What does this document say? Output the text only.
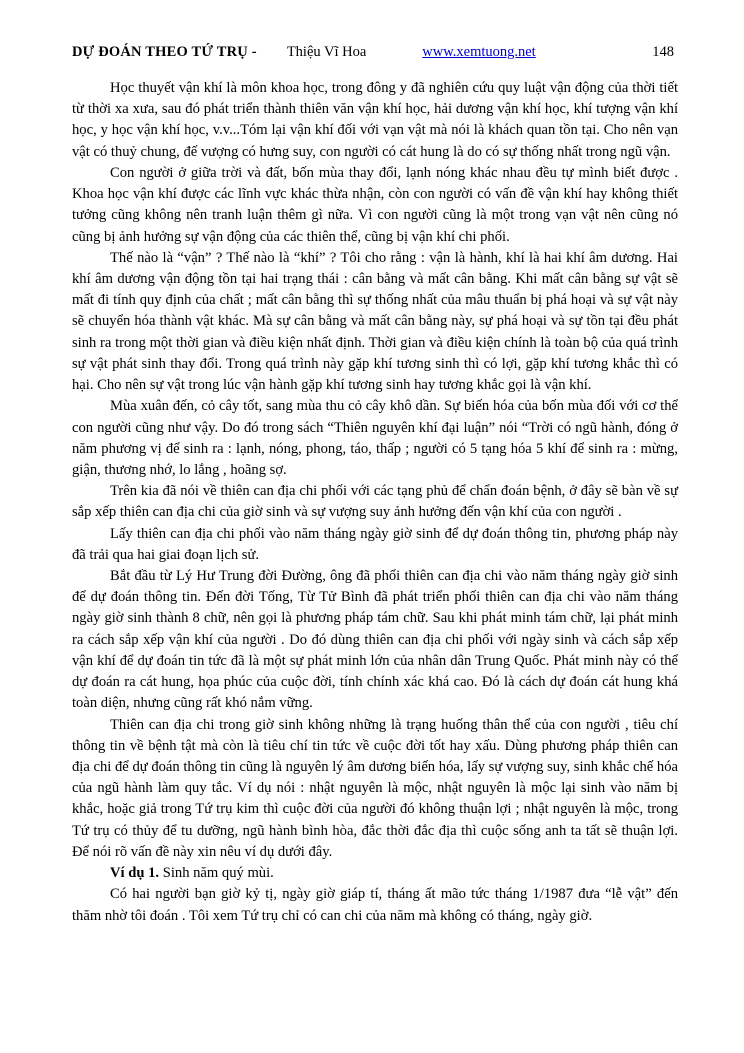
DỰ ĐOÁN THEO TỨ TRỤ - Thiệu Vĩ Hoa	www.xemtuong.net	148

Học thuyết vận khí là môn khoa học, trong đông y đã nghiên cứu quy luật vận động của thời tiết từ thời xa xưa, sau đó phát triển thành thiên văn vận khí học, hải dương vận khí học, khí tượng vận khí học, y học vận khí học, v.v...Tóm lại vận khí đối với vạn vật mà nói là khách quan tồn tại. Cho nên vạn vật có thuỷ chung, đế vượng có hưng suy, con người có cát hung là do có sự thống nhất trong ngũ vận.

Con người ở giữa trời và đất, bốn mùa thay đổi, lạnh nóng khác nhau đều tự mình biết được . Khoa học vận khí được các lĩnh vực khác thừa nhận, còn con người có vấn đề vận khí hay không thiết tưởng cũng không nên tranh luận thêm gì nữa. Vì con người cũng là một trong vạn vật nên cũng nó cũng bị ảnh hưởng sự vận động của các thiên thể, cũng bị vận khí chi phối.

Thế nào là “vận” ? Thế nào là “khí” ? Tôi cho rằng : vận là hành, khí là hai khí âm dương. Hai khí âm dương vận động tồn tại hai trạng thái : cân bằng và mất cân bằng. Khi mất cân bằng sự vật sẽ mất đi tính quy định của chất ; mất cân bằng thì sự thống nhất của mâu thuẩn bị phá hoại và sự vật này sẽ chuyển hóa thành vật khác. Mà sự cân bằng và mất cân bằng này, sự phá hoại và sự tồn tại đều phát sinh ra trong một thời gian và điều kiện nhất định. Thời gian và điều kiện chính là toàn bộ của quá trình sự vật phát sinh thay đổi. Trong quá trình này gặp khí tương sinh thì có lợi, gặp khí tương khắc thì có hại. Cho nên sự vật trong lúc vận hành gặp khí tương sinh hay tương khắc gọi là vận khí.

Mùa xuân đến, cỏ cây tốt, sang mùa thu cỏ cây khô dần. Sự biến hóa của bốn mùa đối với cơ thể con người cũng như vậy. Do đó trong sách “Thiên nguyên khí đại luận” nói “Trời có ngũ hành, đóng ở năm phương vị để sinh ra : lạnh, nóng, phong, táo, thấp ; người có 5 tạng hóa 5 khí để sinh ra : mừng, giận, thương nhớ, lo lắng , hoãng sợ.

Trên kia đã nói về thiên can địa chi phối với các tạng phủ để chẩn đoán bệnh, ở đây sẽ bàn về sự sắp xếp thiên can địa chi của giờ sinh và sự vượng suy ảnh hưởng đến vận khí của con người .

Lấy thiên can địa chi phối vào năm tháng ngày giờ sinh để dự đoán thông tin, phương pháp này đã trải qua hai giai đoạn lịch sử.

Bắt đầu từ Lý Hư Trung đời Đường, ông đã phối thiên can địa chi vào năm tháng ngày giờ sinh để dự đoán thông tin. Đến đời Tống, Từ Tử Bình đã phát triển phối thiên can địa chi vào năm tháng ngày giờ sinh thành 8 chữ, nên gọi là phương pháp tám chữ. Sau khi phát minh tám chữ, lại phát minh ra cách sắp xếp vận khí của người . Do đó dùng thiên can địa chi phối với ngày sinh và cách sắp xếp vận khí để dự đoán tin tức đã là một sự phát minh lớn của nhân dân Trung Quốc. Phát minh này có thể dự đoán ra cát hung, họa phúc của cuộc đời, tính chính xác khá cao. Đó là cách dự đoán cát hung khá toàn diện, nhưng cũng rất khó nắm vững.

Thiên can địa chi trong giờ sinh không những là trạng huống thân thể của con người , tiêu chí thông tin về bệnh tật mà còn là tiêu chí tin tức về cuộc đời tốt hay xấu. Dùng phương pháp thiên can địa chi để dự đoán thông tin cũng là nguyên lý âm dương biến hóa, lấy sự vượng suy, sinh khắc chế hóa của ngũ hành làm quy tắc. Ví dụ nói : nhật nguyên là mộc, nhật nguyên là mộc lại sinh vào năm bị khắc, hoặc giả trong Tứ trụ kim thì cuộc đời của người đó không thuận lợi ; nhật nguyên là mộc, trong Tứ trụ có thủy để tu dưỡng, ngũ hành bình hòa, đắc thời đắc địa thì cuộc sống anh ta tất sẽ thuận lợi. Để nói rõ vấn đề này xin nêu ví dụ dưới đây.

Ví dụ 1. Sinh năm quý mùi.

Có hai người bạn giờ kỷ tị, ngày giờ giáp tí, tháng ất mão tức tháng 1/1987 đưa “lễ vật” đến thăm nhờ tôi đoán . Tôi xem Tứ trụ chỉ có can chi của năm mà không có tháng, ngày giờ.
